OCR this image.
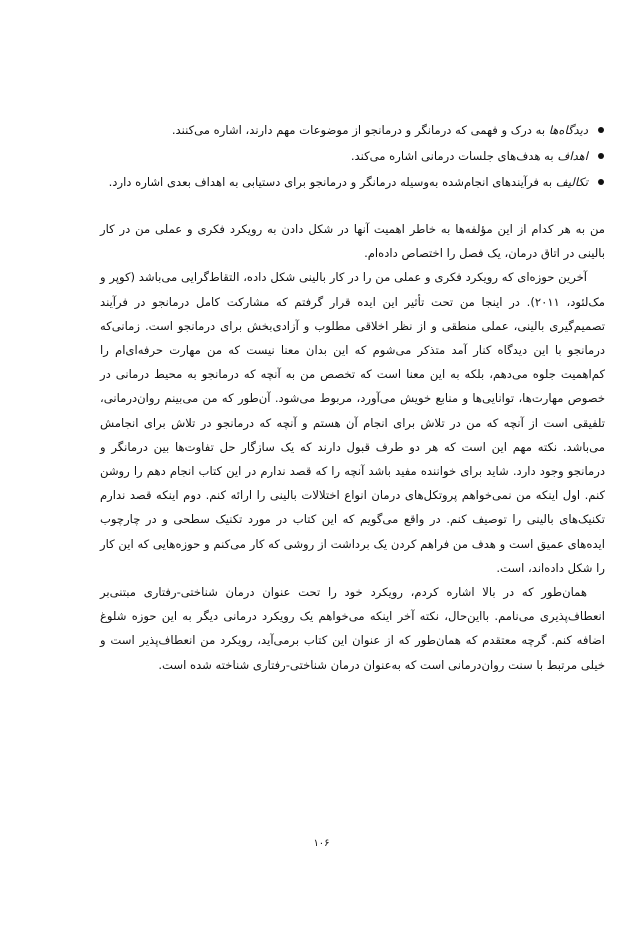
دیدگاه‌ها به درک و فهمی که درمانگر و درمانجو از موضوعات مهم دارند، اشاره می‌کنند.
اهداف به هدف‌های جلسات درمانی اشاره می‌کند.
تکالیف به فرآیندهای انجام‌شده به‌وسیله درمانگر و درمانجو برای دستیابی به اهداف بعدی اشاره دارد.

من به هر کدام از این مؤلفه‌ها به خاطر اهمیت آنها در شکل دادن به رویکرد فکری و عملی من در کار بالینی در اتاق درمان، یک فصل را اختصاص داده‌ام.

آخرین حوزه‌ای که رویکرد فکری و عملی من را در کار بالینی شکل داده، التقاط‌گرایی می‌باشد (کوپر و مک‌لئود، ۲۰۱۱). در اینجا من تحت تأثیر این ایده قرار گرفتم که مشارکت کامل درمانجو در فرآیند تصمیم‌گیری بالینی، عملی منطقی و از نظر اخلاقی مطلوب و آزادی‌بخش برای درمانجو است. زمانی‌که درمانجو با این دیدگاه کنار آمد متذکر می‌شوم که این بدان معنا نیست که من مهارت حرفه‌ای‌ام را کم‌اهمیت جلوه می‌دهم، بلکه به این معنا است که تخصص من به آنچه که درمانجو به محیط درمانی در خصوص مهارت‌ها، توانایی‌ها و منابع خویش می‌آورد، مربوط می‌شود. آن‌طور که من می‌بینم روان‌درمانی، تلفیقی است از آنچه که من در تلاش برای انجام آن هستم و آنچه که درمانجو در تلاش برای انجامش می‌باشد. نکته مهم این است که هر دو طرف قبول دارند که یک سازگار حل تفاوت‌ها بین درمانگر و درمانجو وجود دارد. شاید برای خواننده مفید باشد آنچه را که قصد ندارم در این کتاب انجام دهم را روشن کنم. اول اینکه من نمی‌خواهم پروتکل‌های درمان انواع اختلالات بالینی را ارائه کنم. دوم اینکه قصد ندارم تکنیک‌های بالینی را توصیف کنم. در واقع می‌گویم که این کتاب در مورد تکنیک سطحی و در چارچوب ایده‌های عمیق است و هدف من فراهم کردن یک برداشت از روشی که کار می‌کنم و حوزه‌هایی که این کار را شکل داده‌اند، است.

همان‌طور که در بالا اشاره کردم، رویکرد خود را تحت عنوان درمان شناختی-رفتاری مبتنی‌بر انعطاف‌پذیری می‌نامم. با‌این‌حال، نکته آخر اینکه می‌خواهم یک رویکرد درمانی دیگر به این حوزه شلوغ اضافه کنم. گرچه معتقدم که همان‌طور که از عنوان این کتاب برمی‌آید، رویکرد من انعطاف‌پذیر است و خیلی مرتبط با سنت روان‌درمانی است که به‌عنوان درمان شناختی-رفتاری شناخته شده است.

۱۰۶
